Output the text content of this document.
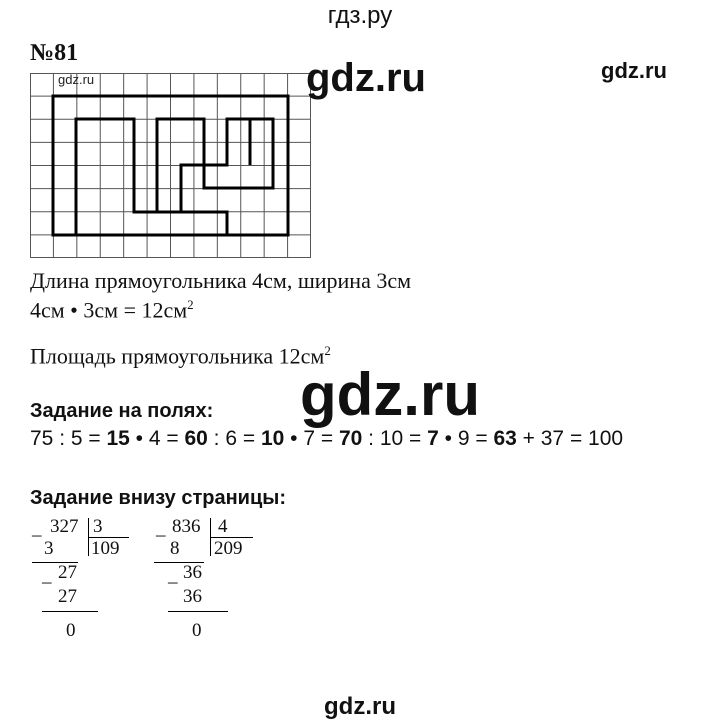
гдз.ру
№81
gdz.ru	gdz.ru	gdz.ru
Длина прямоугольника 4см, ширина 3см
4см • $3см = 12см^2$
Площадь прямоугольника $12см^2$
gdz.ru
Задание на полях:
75 : 5 = 15 • 4 = 60 : 6 = 10 • 7 = 70 : 10 = 7 • 9 = 63 + 37 = 100
Задание внизу страницы:
_ 327 3
109
3
_ 27
27
0
_ 836 4
209
8
_ 36
36
0
gdz.ru
